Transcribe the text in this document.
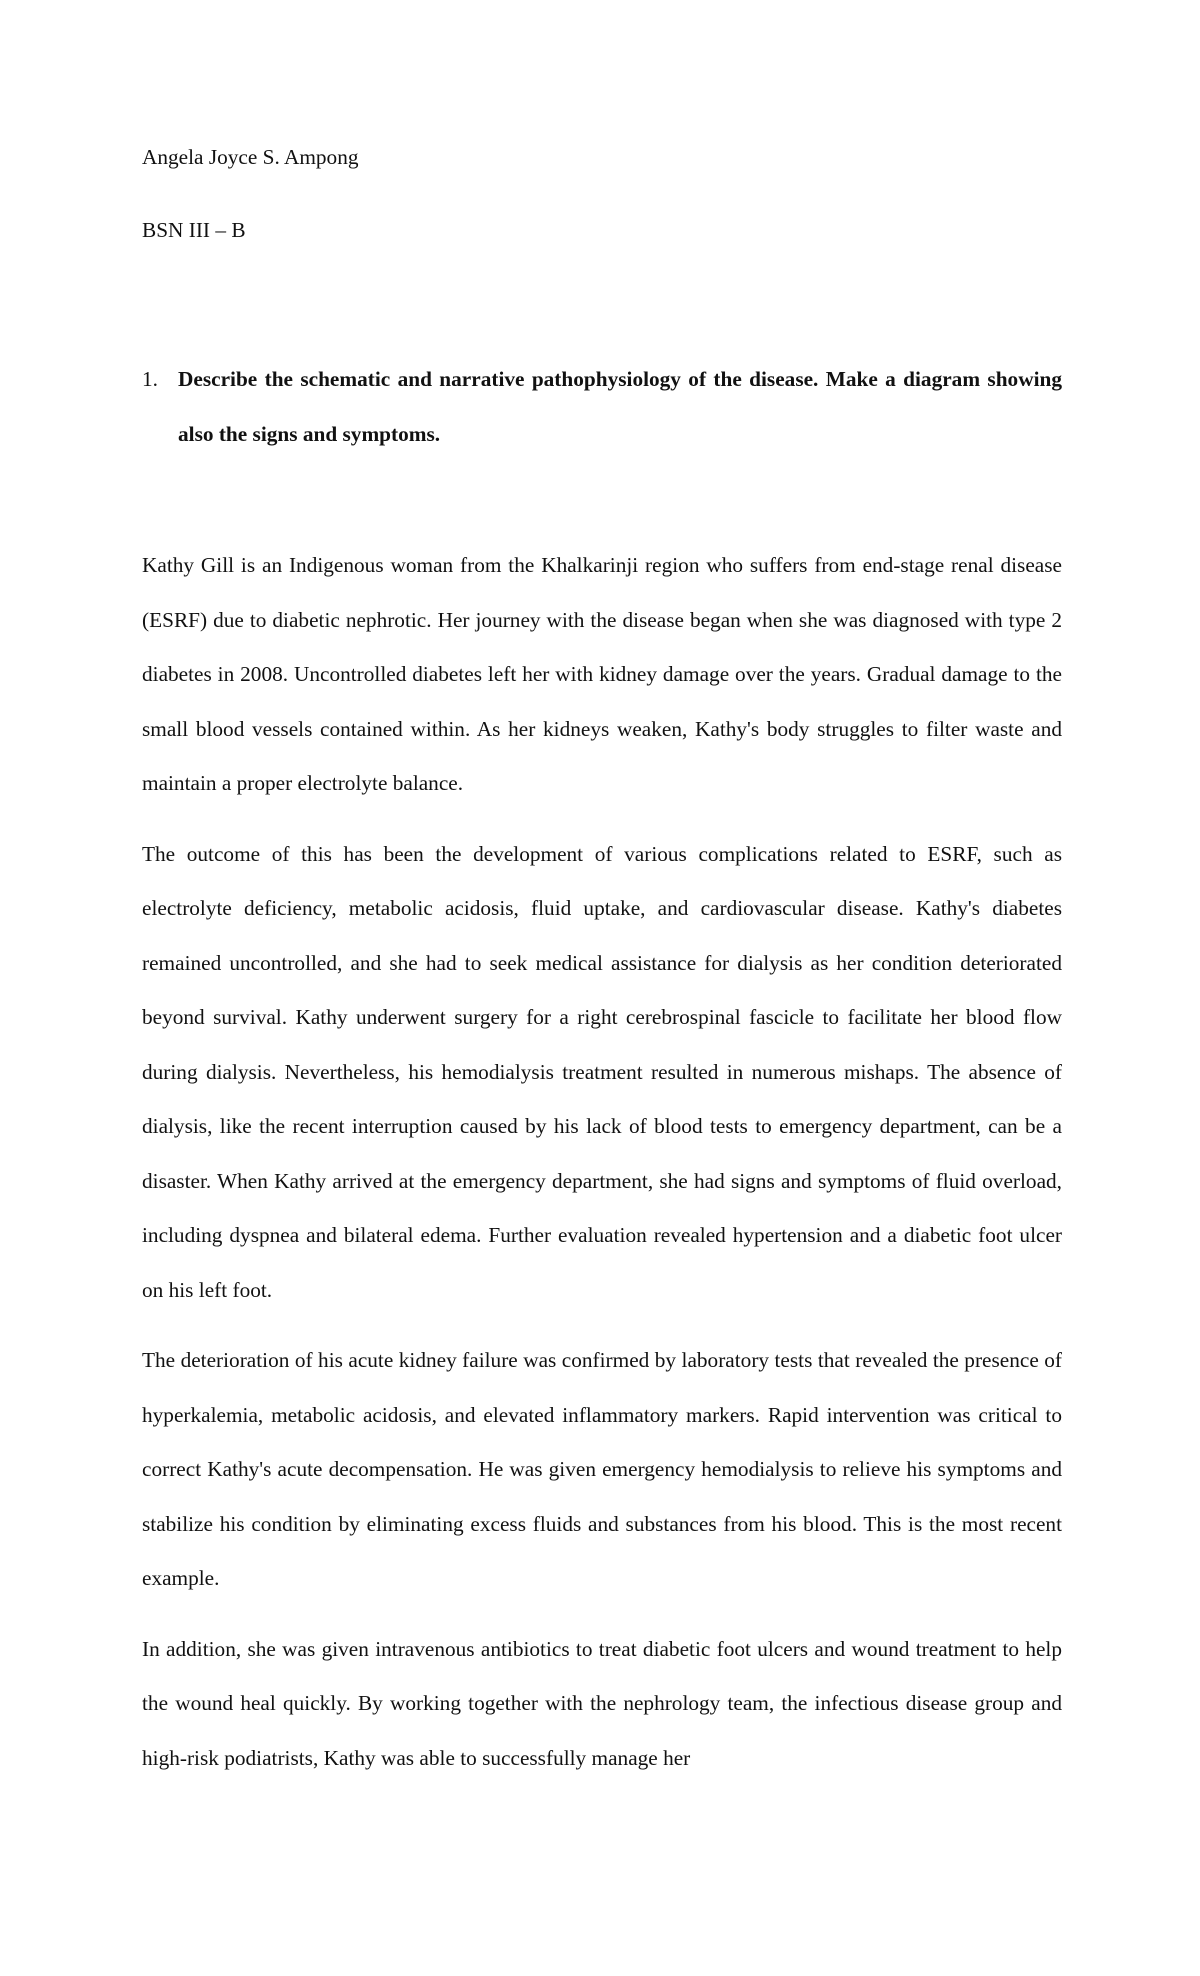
Angela Joyce S. Ampong
BSN III – B
1. Describe the schematic and narrative pathophysiology of the disease. Make a diagram showing also the signs and symptoms.

Kathy Gill is an Indigenous woman from the Khalkarinji region who suffers from end-stage renal disease (ESRF) due to diabetic nephrotic. Her journey with the disease began when she was diagnosed with type 2 diabetes in 2008. Uncontrolled diabetes left her with kidney damage over the years. Gradual damage to the small blood vessels contained within. As her kidneys weaken, Kathy's body struggles to filter waste and maintain a proper electrolyte balance.

The outcome of this has been the development of various complications related to ESRF, such as electrolyte deficiency, metabolic acidosis, fluid uptake, and cardiovascular disease. Kathy's diabetes remained uncontrolled, and she had to seek medical assistance for dialysis as her condition deteriorated beyond survival. Kathy underwent surgery for a right cerebrospinal fascicle to facilitate her blood flow during dialysis. Nevertheless, his hemodialysis treatment resulted in numerous mishaps. The absence of dialysis, like the recent interruption caused by his lack of blood tests to emergency department, can be a disaster. When Kathy arrived at the emergency department, she had signs and symptoms of fluid overload, including dyspnea and bilateral edema. Further evaluation revealed hypertension and a diabetic foot ulcer on his left foot.

The deterioration of his acute kidney failure was confirmed by laboratory tests that revealed the presence of hyperkalemia, metabolic acidosis, and elevated inflammatory markers. Rapid intervention was critical to correct Kathy's acute decompensation. He was given emergency hemodialysis to relieve his symptoms and stabilize his condition by eliminating excess fluids and substances from his blood. This is the most recent example.

In addition, she was given intravenous antibiotics to treat diabetic foot ulcers and wound treatment to help the wound heal quickly. By working together with the nephrology team, the infectious disease group and high-risk podiatrists, Kathy was able to successfully manage her
